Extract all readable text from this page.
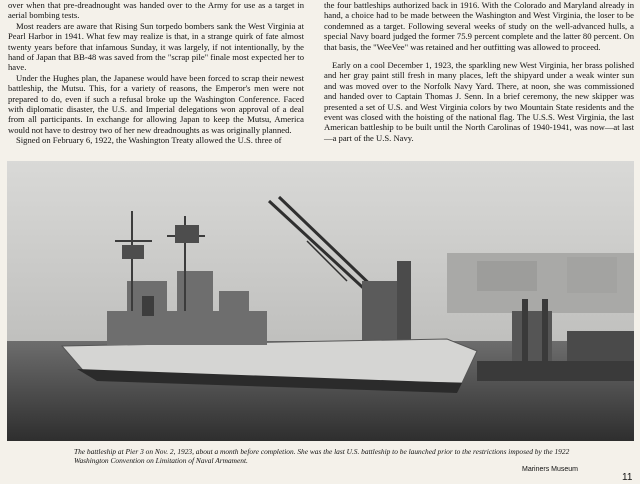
over when that pre-dreadnought was handed over to the Army for use as a target in aerial bombing tests.

Most readers are aware that Rising Sun torpedo bombers sank the West Virginia at Pearl Harbor in 1941. What few may realize is that, in a strange quirk of fate almost twenty years before that infamous Sunday, it was largely, if not intentionally, by the hand of Japan that BB-48 was saved from the "scrap pile" finale most expected her to have.

Under the Hughes plan, the Japanese would have been forced to scrap their newest battleship, the Mutsu. This, for a variety of reasons, the Emperor's men were not prepared to do, even if such a refusal broke up the Washington Conference. Faced with diplomatic disaster, the U.S. and Imperial delegations won approval of a deal from all participants. In exchange for allowing Japan to keep the Mutsu, America would not have to destroy two of her new dreadnoughts as was originally planned.

Signed on February 6, 1922, the Washington Treaty allowed the U.S. three of

the four battleships authorized back in 1916. With the Colorado and Maryland already in hand, a choice had to be made between the Washington and West Virginia, the loser to be condemned as a target. Following several weeks of study on the well-advanced hulls, a special Navy board judged the former 75.9 percent complete and the latter 80 percent. On that basis, the "WeeVee" was retained and her outfitting was allowed to proceed.

Early on a cool December 1, 1923, the sparkling new West Virginia, her brass polished and her gray paint still fresh in many places, left the shipyard under a weak winter sun and was moved over to the Norfolk Navy Yard. There, at noon, she was commissioned and handed over to Captain Thomas J. Senn. In a brief ceremony, the new skipper was presented a set of U.S. and West Virginia colors by two Mountain State residents and the event was closed with the hoisting of the national flag. The U.S.S. West Virginia, the last American battleship to be built until the North Carolinas of 1940-1941, was now—at last—a part of the U.S. Navy.

The battleship at Pier 3 on Nov. 2, 1923, about a month before completion. She was the last U.S. battleship to be launched prior to the restrictions imposed by the 1922 Washington Convention on Limitation of Naval Armament.
Mariners Museum
11
